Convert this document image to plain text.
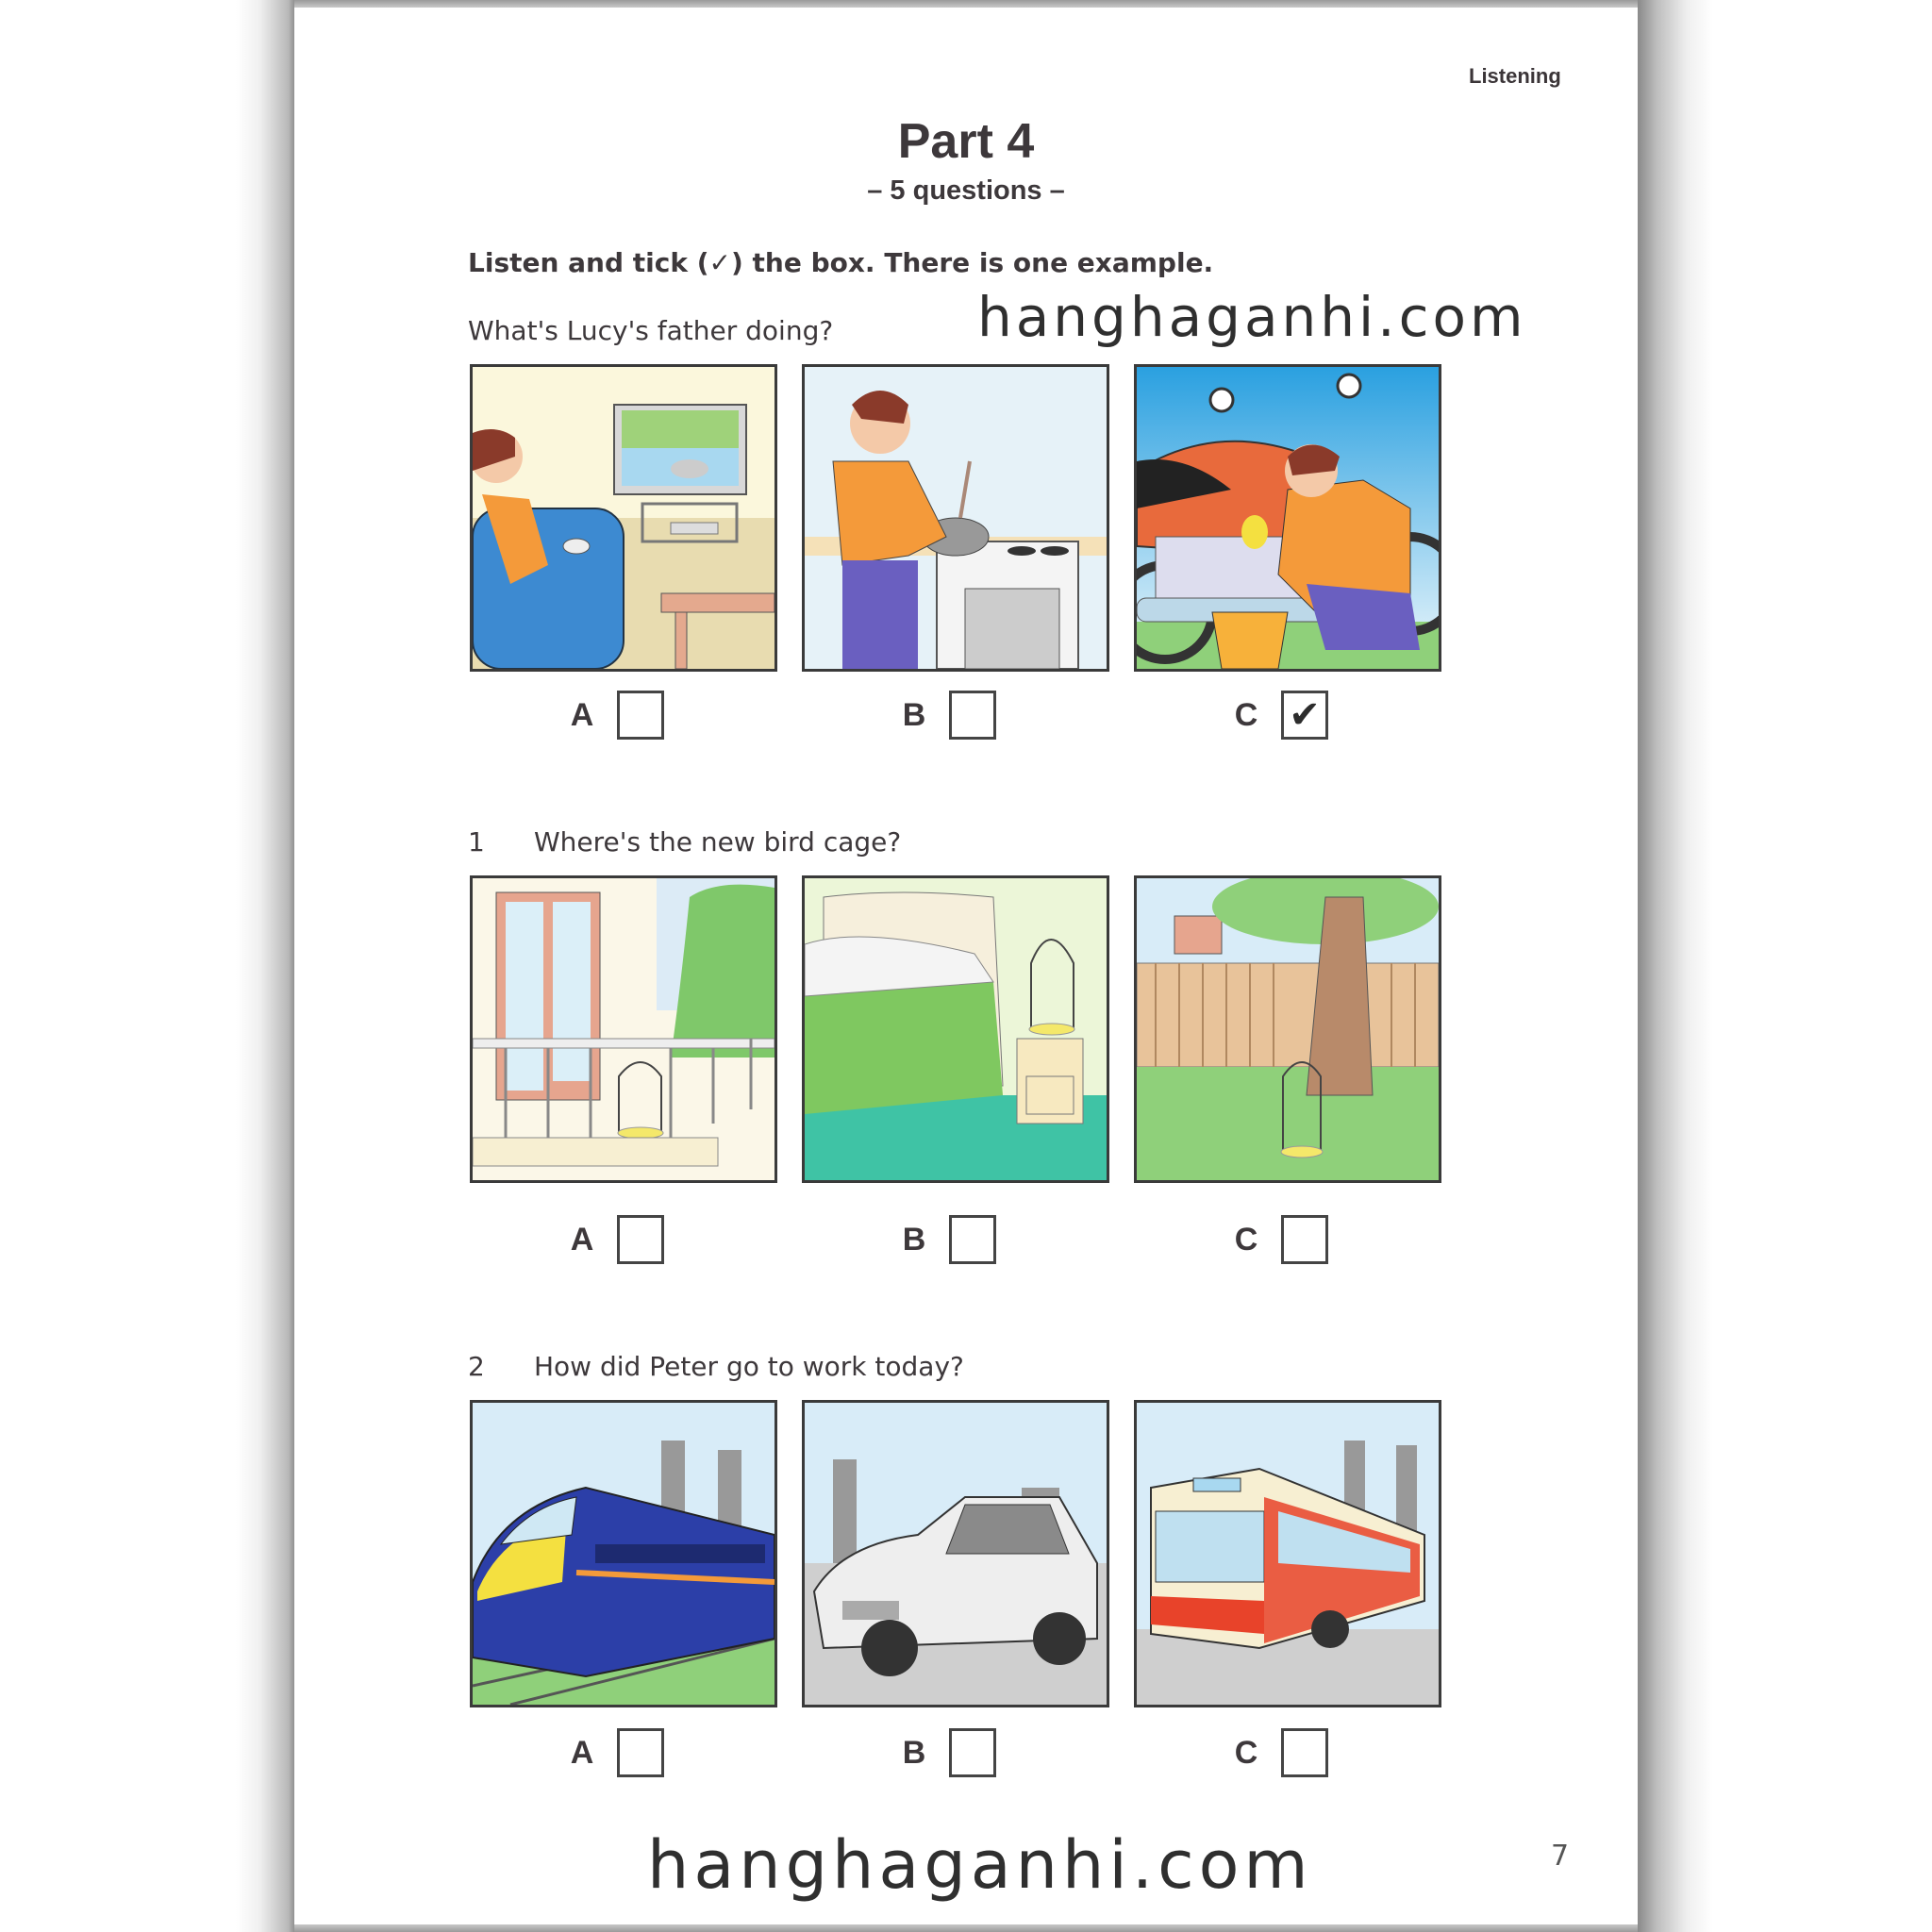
Listening
Part 4
– 5 questions –
Listen and tick (✓) the box. There is one example.
What's Lucy's father doing?	hanghaganhi.com
A	B	C ✔
1 Where's the new bird cage?
A	B	C
2 How did Peter go to work today?
A	B	C
hanghaganhi.com	7
